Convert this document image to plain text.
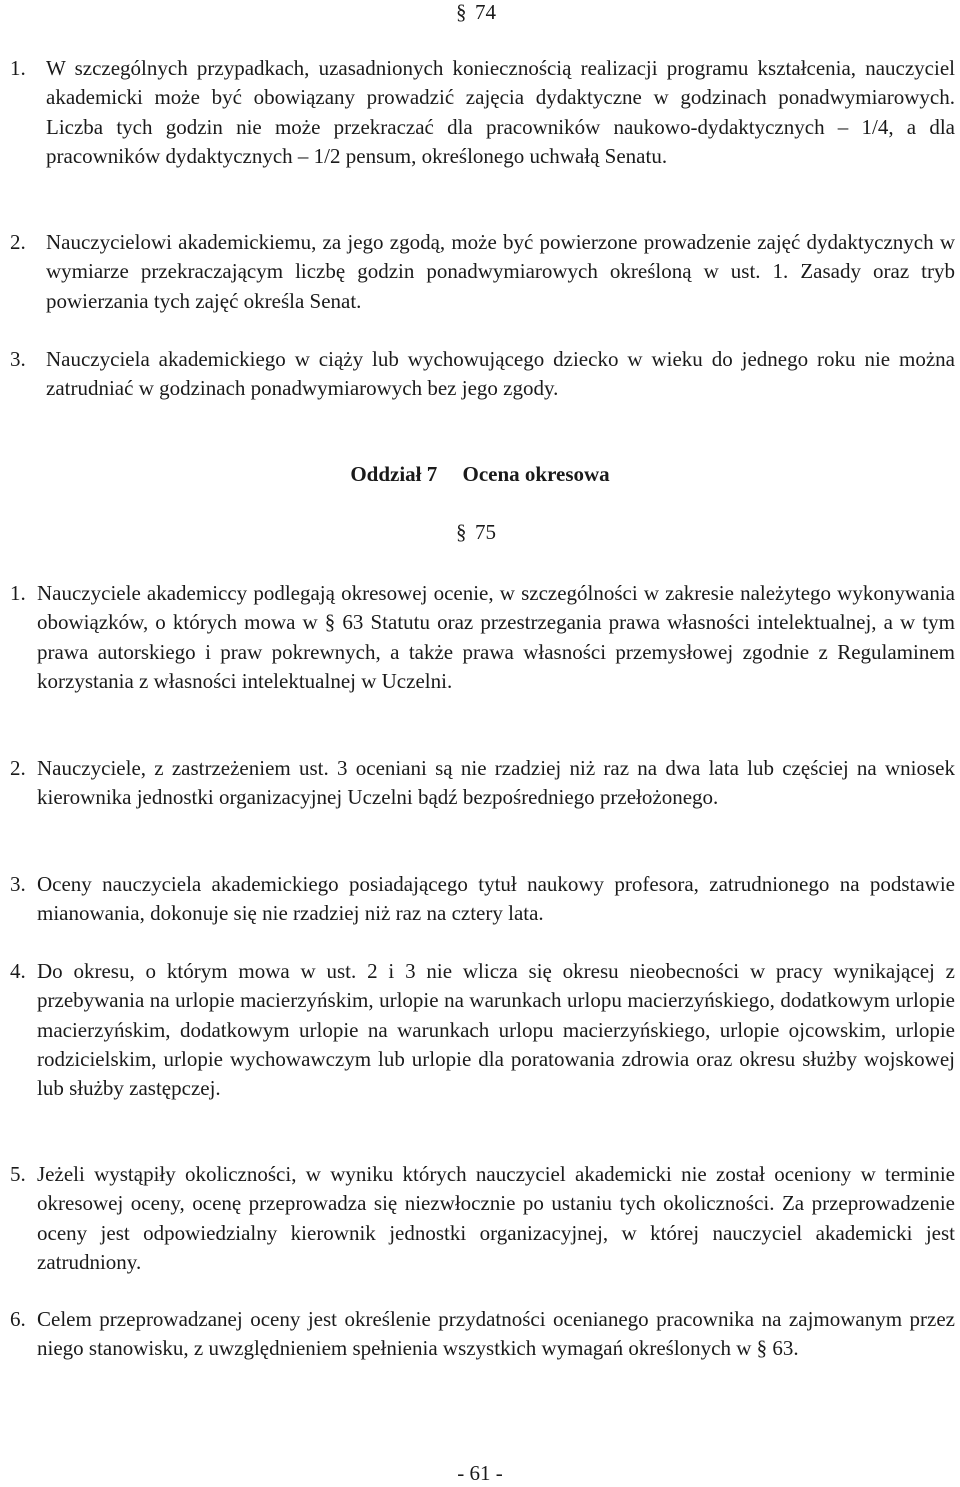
§ 74
1. W szczególnych przypadkach, uzasadnionych koniecznością realizacji programu kształcenia, nauczyciel akademicki może być obowiązany prowadzić zajęcia dydaktyczne w godzinach ponadwymiarowych. Liczba tych godzin nie może przekraczać dla pracowników naukowo-dydaktycznych – 1/4, a dla pracowników dydaktycznych – 1/2 pensum, określonego uchwałą Senatu.
2. Nauczycielowi akademickiemu, za jego zgodą, może być powierzone prowadzenie zajęć dydaktycznych w wymiarze przekraczającym liczbę godzin ponadwymiarowych określoną w ust. 1. Zasady oraz tryb powierzania tych zajęć określa Senat.
3. Nauczyciela akademickiego w ciąży lub wychowującego dziecko w wieku do jednego roku nie można zatrudniać w godzinach ponadwymiarowych bez jego zgody.
Oddział 7 Ocena okresowa
§ 75
1. Nauczyciele akademiccy podlegają okresowej ocenie, w szczególności w zakresie należytego wykonywania obowiązków, o których mowa w § 63 Statutu oraz przestrzegania prawa własności intelektualnej, a w tym prawa autorskiego i praw pokrewnych, a także prawa własności przemysłowej zgodnie z Regulaminem korzystania z własności intelektualnej w Uczelni.
2. Nauczyciele, z zastrzeżeniem ust. 3 oceniani są nie rzadziej niż raz na dwa lata lub częściej na wniosek kierownika jednostki organizacyjnej Uczelni bądź bezpośredniego przełożonego.
3. Oceny nauczyciela akademickiego posiadającego tytuł naukowy profesora, zatrudnionego na podstawie mianowania, dokonuje się nie rzadziej niż raz na cztery lata.
4. Do okresu, o którym mowa w ust. 2 i 3 nie wlicza się okresu nieobecności w pracy wynikającej z przebywania na urlopie macierzyńskim, urlopie na warunkach urlopu macierzyńskiego, dodatkowym urlopie macierzyńskim, dodatkowym urlopie na warunkach urlopu macierzyńskiego, urlopie ojcowskim, urlopie rodzicielskim, urlopie wychowawczym lub urlopie dla poratowania zdrowia oraz okresu służby wojskowej lub służby zastępczej.
5. Jeżeli wystąpiły okoliczności, w wyniku których nauczyciel akademicki nie został oceniony w terminie okresowej oceny, ocenę przeprowadza się niezwłocznie po ustaniu tych okoliczności. Za przeprowadzenie oceny jest odpowiedzialny kierownik jednostki organizacyjnej, w której nauczyciel akademicki jest zatrudniony.
6. Celem przeprowadzanej oceny jest określenie przydatności ocenianego pracownika na zajmowanym przez niego stanowisku, z uwzględnieniem spełnienia wszystkich wymagań określonych w § 63.
- 61 -
